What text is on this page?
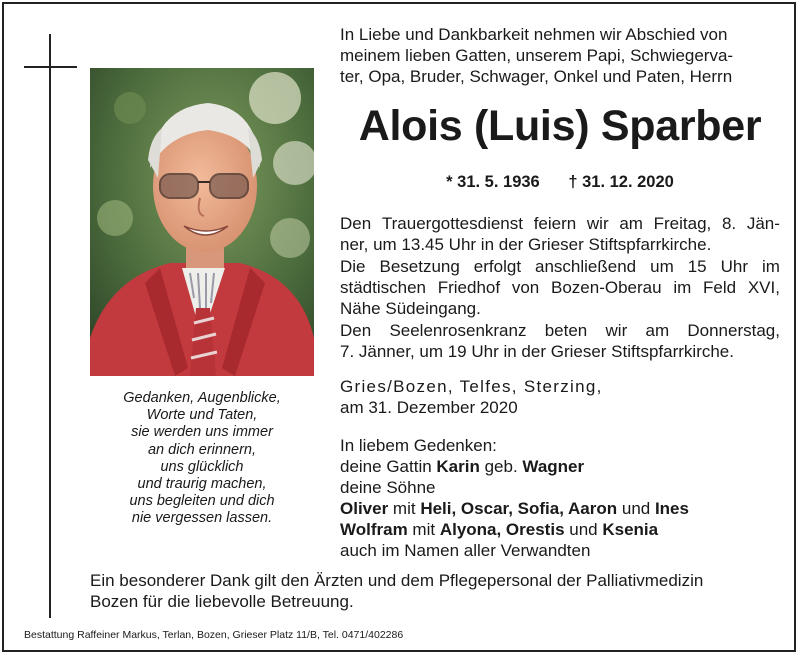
Gedanken, Augenblicke,
Worte und Taten,
sie werden uns immer
an dich erinnern,
uns glücklich
und traurig machen,
uns begleiten und dich
nie vergessen lassen.
In Liebe und Dankbarkeit nehmen wir Abschied von
meinem lieben Gatten, unserem Papi, Schwiegerva-
ter, Opa, Bruder, Schwager, Onkel und Paten, Herrn
Alois (Luis) Sparber
* 31. 5. 1936 † 31. 12. 2020
Den Trauergottesdienst feiern wir am Freitag, 8. Jän-
ner, um 13.45 Uhr in der Grieser Stiftspfarrkirche.
Die Besetzung erfolgt anschließend um 15 Uhr im
städtischen Friedhof von Bozen-Oberau im Feld XVI,
Nähe Südeingang.
Den Seelenrosenkranz beten wir am Donnerstag,
7. Jänner, um 19 Uhr in der Grieser Stiftspfarrkirche.
Gries/Bozen, Telfes, Sterzing,
am 31. Dezember 2020
In liebem Gedenken:
deine Gattin Karin geb. Wagner
deine Söhne
Oliver mit Heli, Oscar, Sofia, Aaron und Ines
Wolfram mit Alyona, Orestis und Ksenia
auch im Namen aller Verwandten
Ein besonderer Dank gilt den Ärzten und dem Pflegepersonal der Palliativmedizin
Bozen für die liebevolle Betreuung.
Bestattung Raffeiner Markus, Terlan, Bozen, Grieser Platz 11/B, Tel. 0471/402286
